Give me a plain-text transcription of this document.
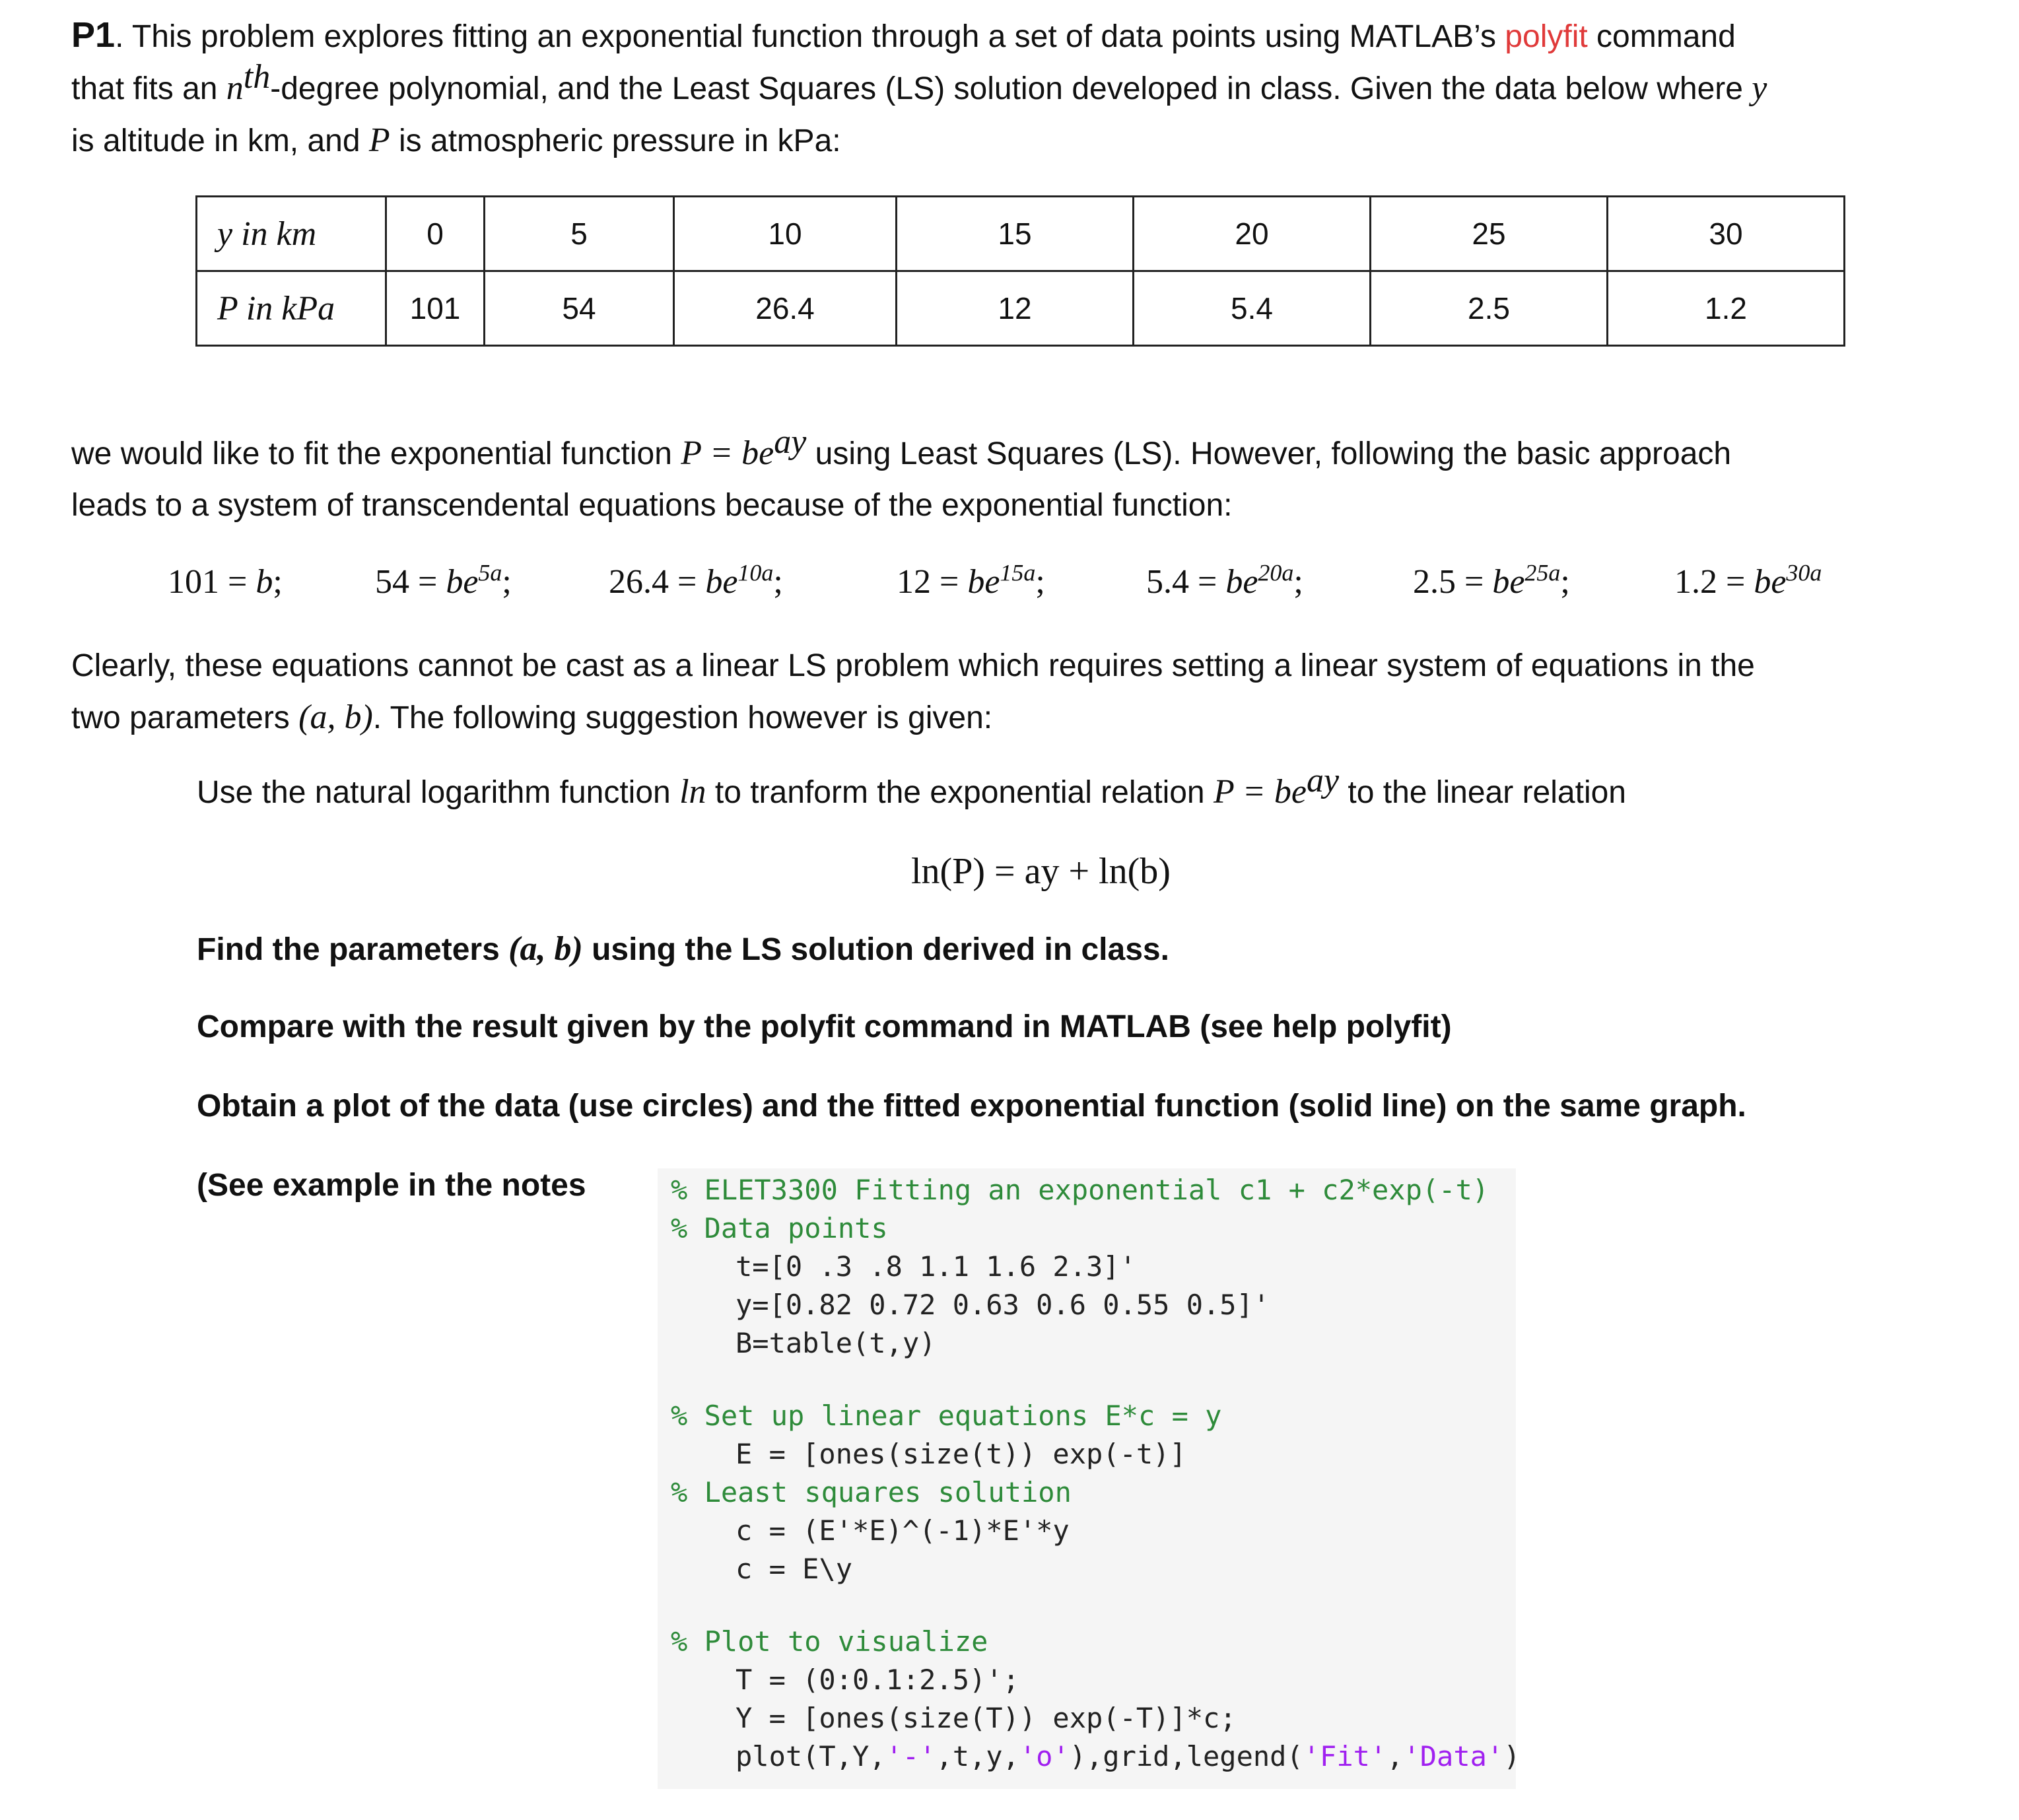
P1. This problem explores fitting an exponential function through a set of data points using MATLAB’s polyfit command
that fits an $n^{th}$-degree polynomial, and the Least Squares (LS) solution developed in class. Given the data below where y
is altitude in km, and P is atmospheric pressure in kPa:
y in km	0	5	10	15	20	25	30
P in kPa	101	54	26.4	12	5.4	2.5	1.2
we would like to fit the exponential function $P = be^{ay}$ using Least Squares (LS). However, following the basic approach
leads to a system of transcendental equations because of the exponential function:
101 = b;	$54 = be^{5a}$;	$26.4 = be^{10a}$;	$12 = be^{15a}$;	$5.4 = be^{20a}$;	$2.5 = be^{25a}$;	$1.2 = be^{30a}$
Clearly, these equations cannot be cast as a linear LS problem which requires setting a linear system of equations in the
two parameters (a, b). The following suggestion however is given:
Use the natural logarithm function ln to tranform the exponential relation $P = be^{ay}$ to the linear relation
ln(P) = ay + ln(b)
Find the parameters (a, b) using the LS solution derived in class.
Compare with the result given by the polyfit command in MATLAB (see help polyfit)
Obtain a plot of the data (use circles) and the fitted exponential function (solid line) on the same graph.
(See example in the notes	% ELET3300 Fitting an exponential c1 + c2*exp(-t)
% Data points
t=[0 .3 .8 1.1 1.6 2.3]'
y=[0.82 0.72 0.63 0.6 0.55 0.5]'
B=table(t,y)
% Set up linear equations E*c = y
E = [ones(size(t)) exp(-t)]
% Least squares solution
c = (E'*E)^(-1)*E'*y
c = E\y
% Plot to visualize
T = (0:0.1:2.5)';
Y = [ones(size(T)) exp(-T)]*c;
plot(T,Y,'-',t,y,'o'),grid,legend('Fit','Data')
